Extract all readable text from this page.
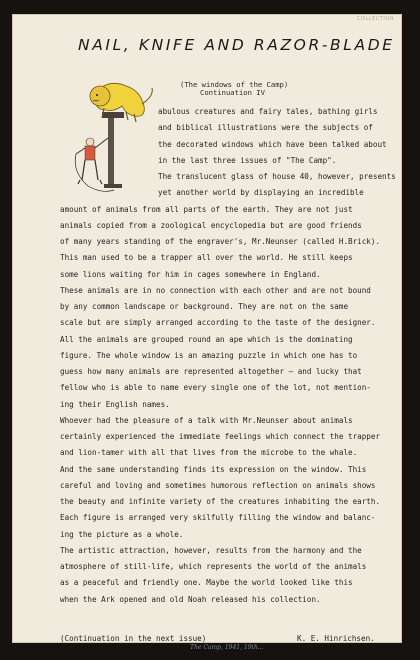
COLLECTION
NAIL, KNIFE AND RAZOR-BLADE
(The windows of the Camp)
Continuation IV
abulous creatures and fairy tales, bathing girls
and biblical illustrations were the subjects of
the decorated windows which have been talked about
in the last three issues of "The Camp".
The translucent glass of house 40, however, presents
yet another world by displaying an incredible
amount of animals from all parts of the earth. They are not just
animals copied from a zoological encyclopedia but are good friends
of many years standing of the engraver's, Mr.Neunser (called H.Brick).
This man used to be a trapper all over the world. He still keeps
some lions waiting for him in cages somewhere in England.
These animals are in no connection with each other and are not bound
by any common landscape or background. They are not on the same
scale but are simply arranged according to the taste of the designer.
All the animals are grouped round an ape which is the dominating
figure. The whole window is an amazing puzzle in which one has to
guess how many animals are represented altogether — and lucky that
fellow who is able to name every single one of the lot, not mention-
ing their English names.
Whoever had the pleasure of a talk with Mr.Neunser about animals
certainly experienced the immediate feelings which connect the trapper
and lion-tamer with all that lives from the microbe to the whale.
And the same understanding finds its expression on the window. This
careful and loving and sometimes humorous reflection on animals shows
the beauty and infinite variety of the creatures inhabiting the earth.
Each figure is arranged very skilfully filling the window and balanc-
ing the picture as a whole.
The artistic attraction, however, results from the harmony and the
atmosphere of still-life, which represents the world of the animals
as a peaceful and friendly one. Maybe the world looked like this
when the Ark opened and old Noah released his collection.
(Continuation in the next issue)	K. E. Hinrichsen.
The Camp, 1941, 19th...
